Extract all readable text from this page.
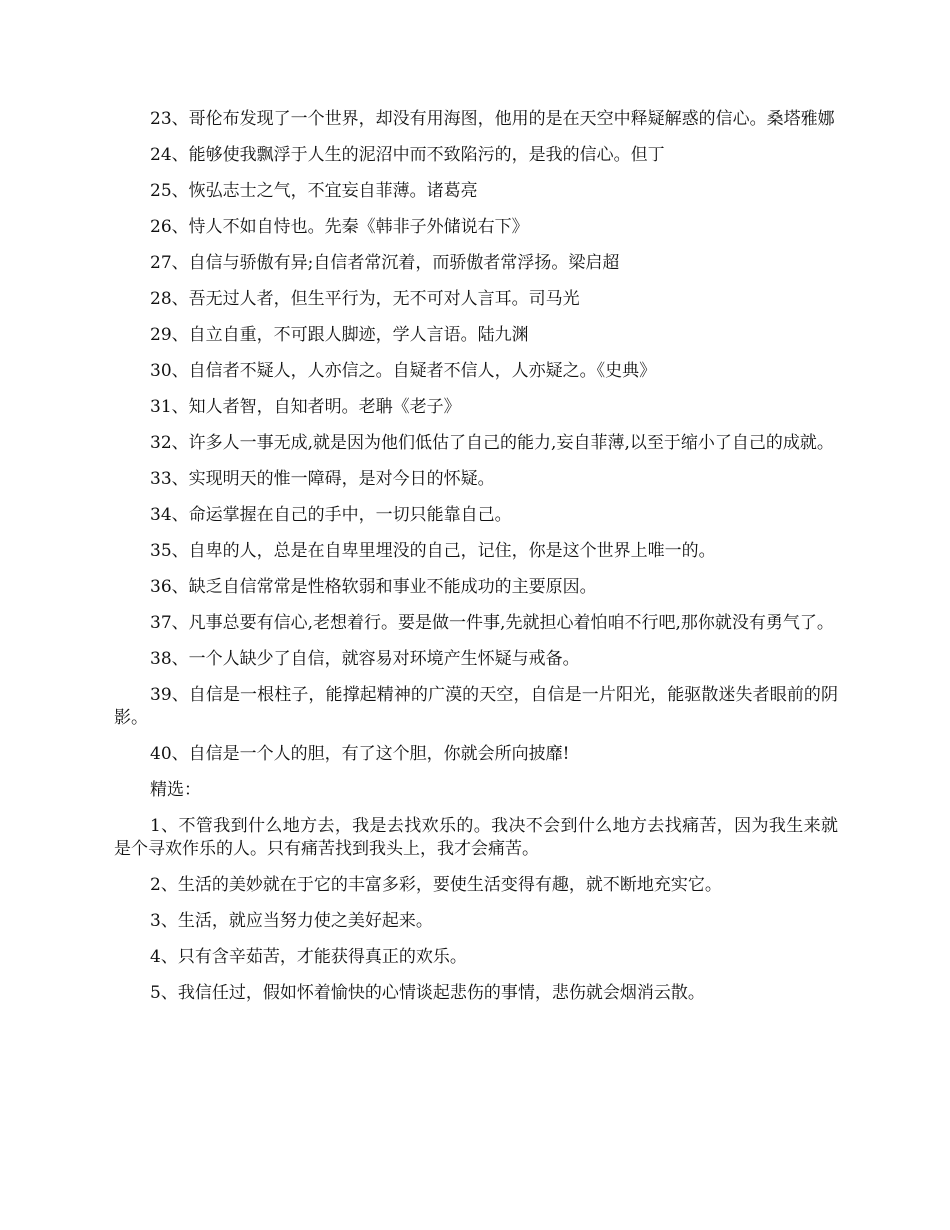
23、哥伦布发现了一个世界，却没有用海图，他用的是在天空中释疑解惑的信心。桑塔雅娜

24、能够使我飘浮于人生的泥沼中而不致陷污的，是我的信心。但丁

25、恢弘志士之气，不宜妄自菲薄。诸葛亮

26、恃人不如自恃也。先秦《韩非子外储说右下》

27、自信与骄傲有异;自信者常沉着，而骄傲者常浮扬。梁启超

28、吾无过人者，但生平行为，无不可对人言耳。司马光

29、自立自重，不可跟人脚迹，学人言语。陆九渊

30、自信者不疑人，人亦信之。自疑者不信人，人亦疑之。《史典》

31、知人者智，自知者明。老聃《老子》

32、许多人一事无成,就是因为他们低估了自己的能力,妄自菲薄,以至于缩小了自己的成就。

33、实现明天的惟一障碍，是对今日的怀疑。

34、命运掌握在自己的手中，一切只能靠自己。

35、自卑的人，总是在自卑里埋没的自己，记住，你是这个世界上唯一的。

36、缺乏自信常常是性格软弱和事业不能成功的主要原因。

37、凡事总要有信心,老想着行。要是做一件事,先就担心着怕咱不行吧,那你就没有勇气了。

38、一个人缺少了自信，就容易对环境产生怀疑与戒备。

39、自信是一根柱子，能撑起精神的广漠的天空，自信是一片阳光，能驱散迷失者眼前的阴影。

40、自信是一个人的胆，有了这个胆，你就会所向披靡!

精选：

1、不管我到什么地方去，我是去找欢乐的。我决不会到什么地方去找痛苦，因为我生来就是个寻欢作乐的人。只有痛苦找到我头上，我才会痛苦。

2、生活的美妙就在于它的丰富多彩，要使生活变得有趣，就不断地充实它。

3、生活，就应当努力使之美好起来。

4、只有含辛茹苦，才能获得真正的欢乐。

5、我信任过，假如怀着愉快的心情谈起悲伤的事情，悲伤就会烟消云散。
